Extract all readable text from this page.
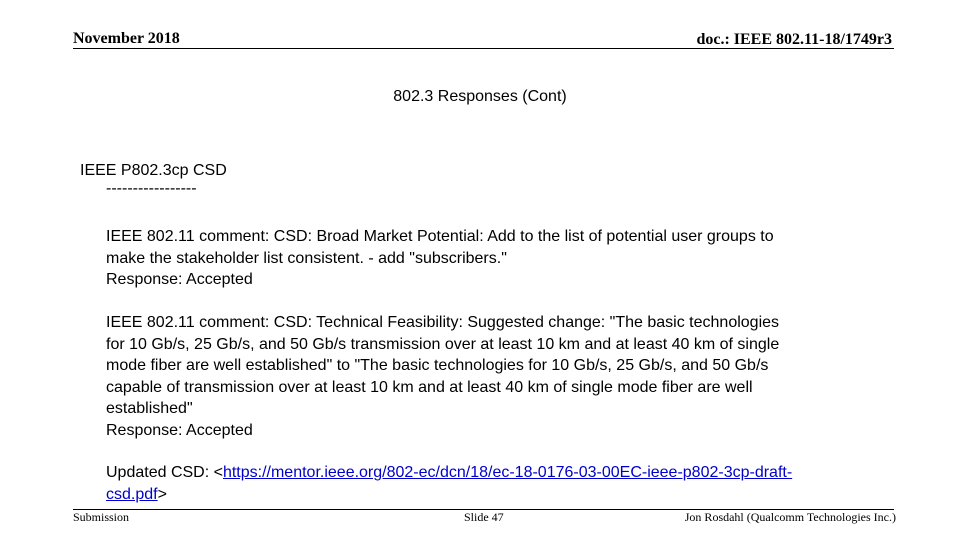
November 2018	doc.: IEEE 802.11-18/1749r3
802.3 Responses (Cont)
IEEE P802.3cp CSD
-----------------
IEEE 802.11 comment: CSD: Broad Market Potential: Add to the list of potential user groups to
make the stakeholder list consistent. - add "subscribers."
Response: Accepted
IEEE 802.11 comment: CSD: Technical Feasibility: Suggested change: "The basic technologies
for 10 Gb/s, 25 Gb/s, and 50 Gb/s transmission over at least 10 km and at least 40 km of single
mode fiber are well established" to "The basic technologies for 10 Gb/s, 25 Gb/s, and 50 Gb/s
capable of transmission over at least 10 km and at least 40 km of single mode fiber are well
established"
Response: Accepted
Updated CSD: <https://mentor.ieee.org/802-ec/dcn/18/ec-18-0176-03-00EC-ieee-p802-3cp-draft-
csd.pdf>
Submission	Slide 47	Jon Rosdahl (Qualcomm Technologies Inc.)
